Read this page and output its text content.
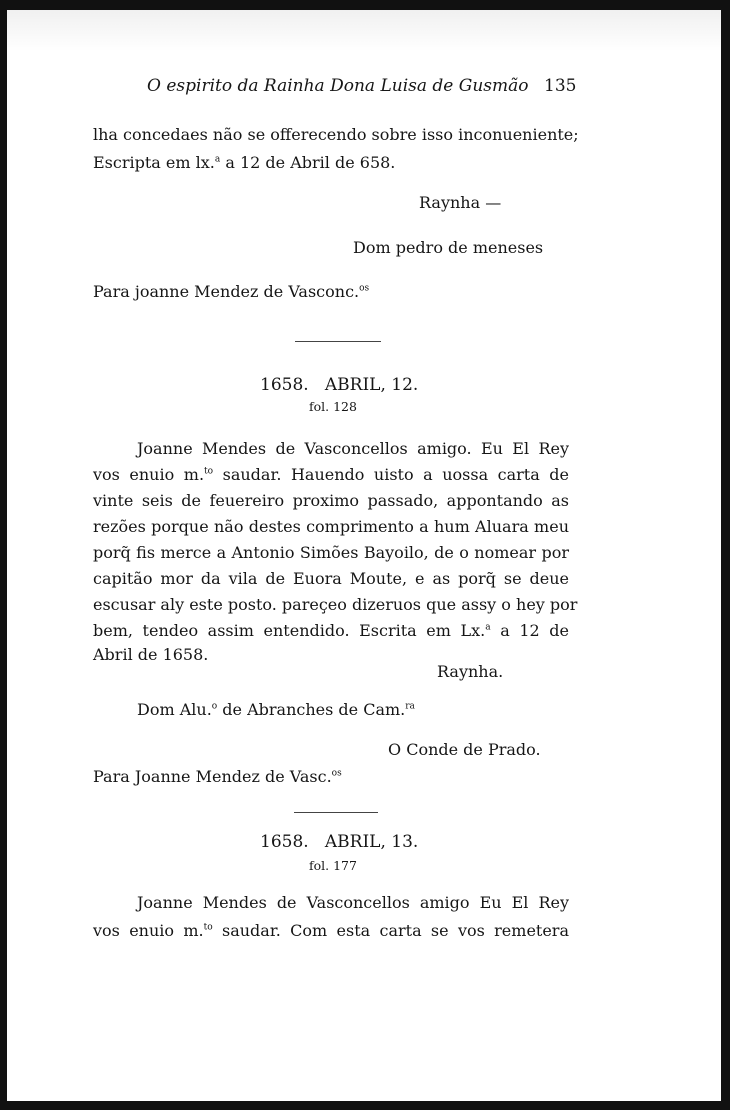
O espirito da Rainha Dona Luisa de Gusmão 135
lha concedaes não se offerecendo sobre isso inconueniente;
Escripta em lx.$^a$ a 12 de Abril de 658.
Raynha —
Dom pedro de meneses
Para joanne Mendez de Vasconc.$^{os}$
1658.   ABRIL, 12.
fol. 128
Joanne Mendes de Vasconcellos amigo. Eu El Rey
vos enuio m.$^{to}$ saudar. Hauendo uisto a uossa carta de
vinte seis de feuereiro proximo passado, appontando as
rezões porque não destes comprimento a hum Aluara meu
porq̃ fis merce a Antonio Simões Bayoilo, de o nomear por
capitão mor da vila de Euora Moute, e as porq̃ se deue
escusar aly este posto. pareçeo dizeruos que assy o hey por
bem, tendeo assim entendido. Escrita em Lx.$^a$ a 12 de
Abril de 1658.
Raynha.
Dom Alu.$^o$ de Abranches de Cam.$^{ra}$
O Conde de Prado.
Para Joanne Mendez de Vasc.$^{os}$
1658.   ABRIL, 13.
fol. 177
Joanne Mendes de Vasconcellos amigo Eu El Rey
vos enuio m.$^{to}$ saudar. Com esta carta se vos remetera
